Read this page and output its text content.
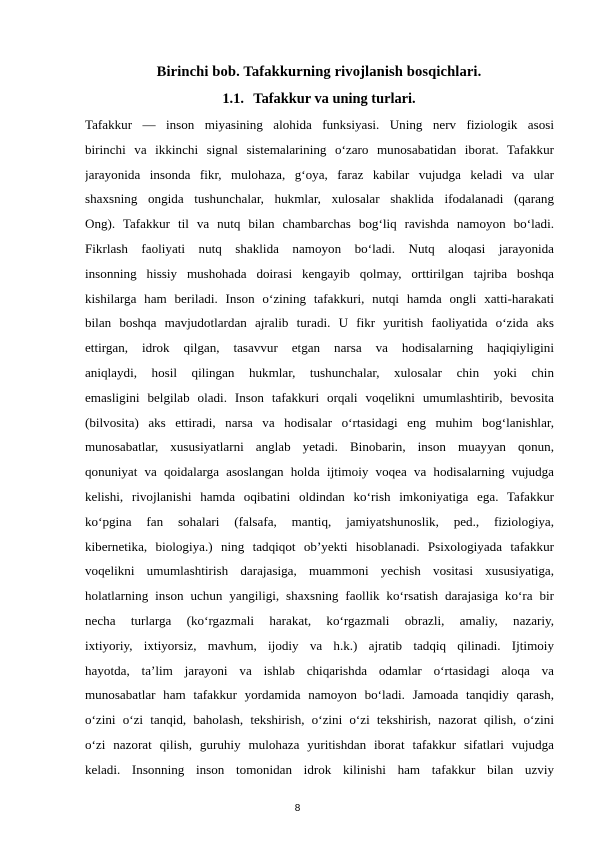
Birinchi bob. Tafakkurning rivojlanish bosqichlari.
1.1. Tafakkur va uning turlari.
Tafakkur — inson miyasining alohida funksiyasi. Uning nerv fiziologik asosi
birinchi va ikkinchi signal sistemalarining o‘zaro munosabatidan iborat. Tafakkur
jarayonida insonda fikr, mulohaza, g‘oya, faraz kabilar vujudga keladi va ular
shaxsning ongida tushunchalar, hukmlar, xulosalar shaklida ifodalanadi (qarang
Ong). Tafakkur til va nutq bilan chambarchas bog‘liq ravishda namoyon bo‘ladi.
Fikrlash faoliyati nutq shaklida namoyon bo‘ladi. Nutq aloqasi jarayonida
insonning hissiy mushohada doirasi kengayib qolmay, orttirilgan tajriba boshqa
kishilarga ham beriladi. Inson o‘zining tafakkuri, nutqi hamda ongli xatti-harakati
bilan boshqa mavjudotlardan ajralib turadi. U fikr yuritish faoliyatida o‘zida aks
ettirgan, idrok qilgan, tasavvur etgan narsa va hodisalarning haqiqiyligini
aniqlaydi, hosil qilingan hukmlar, tushunchalar, xulosalar chin yoki chin
emasligini belgilab oladi. Inson tafakkuri orqali voqelikni umumlashtirib, bevosita
(bilvosita) aks ettiradi, narsa va hodisalar o‘rtasidagi eng muhim bog‘lanishlar,
munosabatlar, xususiyatlarni anglab yetadi. Binobarin, inson muayyan qonun,
qonuniyat va qoidalarga asoslangan holda ijtimoiy voqea va hodisalarning vujudga
kelishi, rivojlanishi hamda oqibatini oldindan ko‘rish imkoniyatiga ega. Tafakkur
ko‘pgina fan sohalari (falsafa, mantiq, jamiyatshunoslik, ped., fiziologiya,
kibernetika, biologiya.) ning tadqiqot ob’yekti hisoblanadi. Psixologiyada tafakkur
voqelikni umumlashtirish darajasiga, muammoni yechish vositasi xususiyatiga,
holatlarning inson uchun yangiligi, shaxsning faollik ko‘rsatish darajasiga ko‘ra bir
necha turlarga (ko‘rgazmali harakat, ko‘rgazmali obrazli, amaliy, nazariy,
ixtiyoriy, ixtiyorsiz, mavhum, ijodiy va h.k.) ajratib tadqiq qilinadi. Ijtimoiy
hayotda, ta’lim jarayoni va ishlab chiqarishda odamlar o‘rtasidagi aloqa va
munosabatlar ham tafakkur yordamida namoyon bo‘ladi. Jamoada tanqidiy qarash,
o‘zini o‘zi tanqid, baholash, tekshirish, o‘zini o‘zi tekshirish, nazorat qilish, o‘zini
o‘zi nazorat qilish, guruhiy mulohaza yuritishdan iborat tafakkur sifatlari vujudga
keladi. Insonning inson tomonidan idrok kilinishi ham tafakkur bilan uzviy
8
